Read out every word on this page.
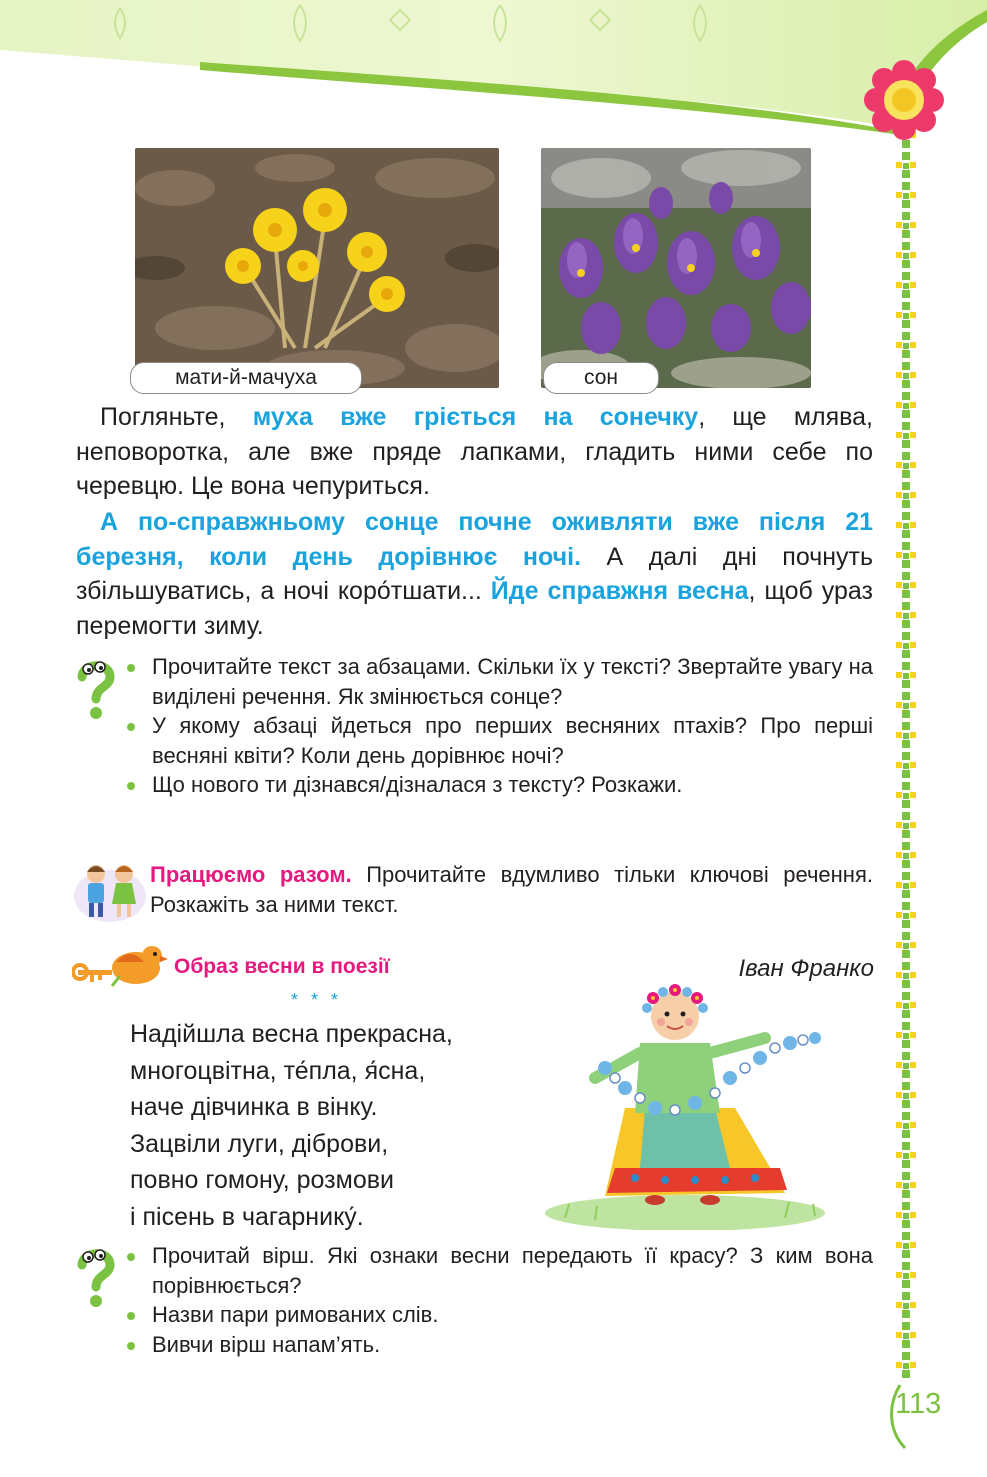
мати-й-мачуха	сон

Погляньте, муха вже гріється на сонечку, ще млява, неповоротка, але вже пряде лапками, гладить ними себе по черевцю. Це вона чепуриться.

А по-справжньому сонце почне оживляти вже після 21 березня, коли день дорівнює ночі. А далі дні почнуть збільшуватись, а ночі коро́тшати... Йде справжня весна, щоб ураз перемогти зиму.

Прочитайте текст за абзацами. Скільки їх у тексті? Звертайте увагу на виділені речення. Як змінюється сонце?
У якому абзаці йдеться про перших весняних птахів? Про перші весняні квіти? Коли день дорівнює ночі?
Що нового ти дізнався/дізналася з тексту? Розкажи.

Працюємо разом. Прочитайте вдумливо тільки ключові речення. Розкажіть за ними текст.

Образ весни в поезії
* * *
Іван Франко
Надійшла весна прекрасна,
многоцвітна, те́пла, я́сна,
наче дівчинка в вінку.
Зацвіли луги, діброви,
повно гомону, розмови
і пісень в чагарнику́.
Прочитай вірш. Які ознаки весни передають її красу? З ким вона порівнюється?
Назви пари римованих слів.
Вивчи вірш напам’ять.
113
